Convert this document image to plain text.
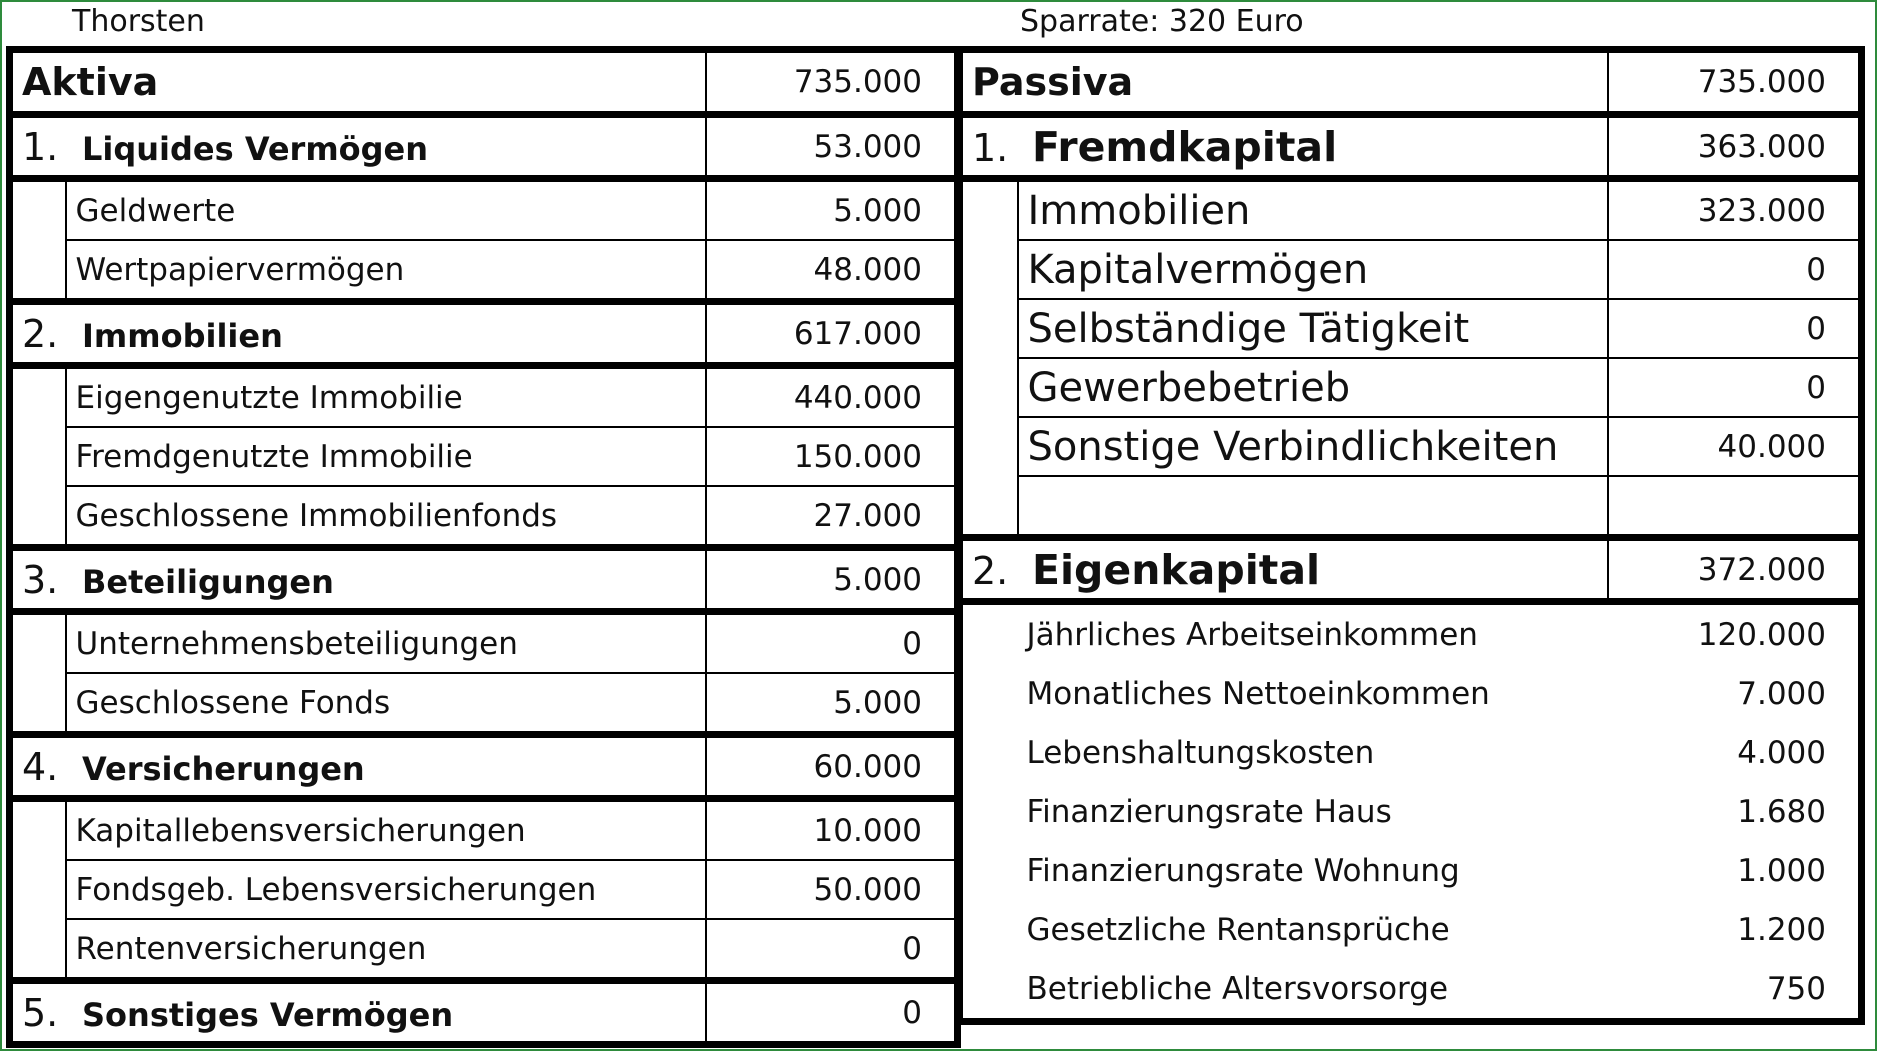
Thorsten	Sparrate: 320 Euro
Aktiva		735.000
1. Liquides Vermögen		53.000
	Geldwerte	5.000
	Wertpapiervermögen	48.000
2. Immobilien		617.000
	Eigengenutzte Immobilie	440.000
	Fremdgenutzte Immobilie	150.000
	Geschlossene Immobilienfonds	27.000
3. Beteiligungen		5.000
	Unternehmensbeteiligungen	0
	Geschlossene Fonds	5.000
4. Versicherungen		60.000
	Kapitallebensversicherungen	10.000
	Fondsgeb. Lebensversicherungen	50.000
	Rentenversicherungen	0
5. Sonstiges Vermögen		0
Passiva		735.000
1. Fremdkapital		363.000
	Immobilien	323.000
	Kapitalvermögen	0
	Selbständige Tätigkeit	0
	Gewerbebetrieb	0
	Sonstige Verbindlichkeiten	40.000

2. Eigenkapital		372.000
	Jährliches Arbeitseinkommen	120.000
	Monatliches Nettoeinkommen	7.000
	Lebenshaltungskosten	4.000
	Finanzierungsrate Haus	1.680
	Finanzierungsrate Wohnung	1.000
	Gesetzliche Rentansprüche	1.200
	Betriebliche Altersvorsorge	750
